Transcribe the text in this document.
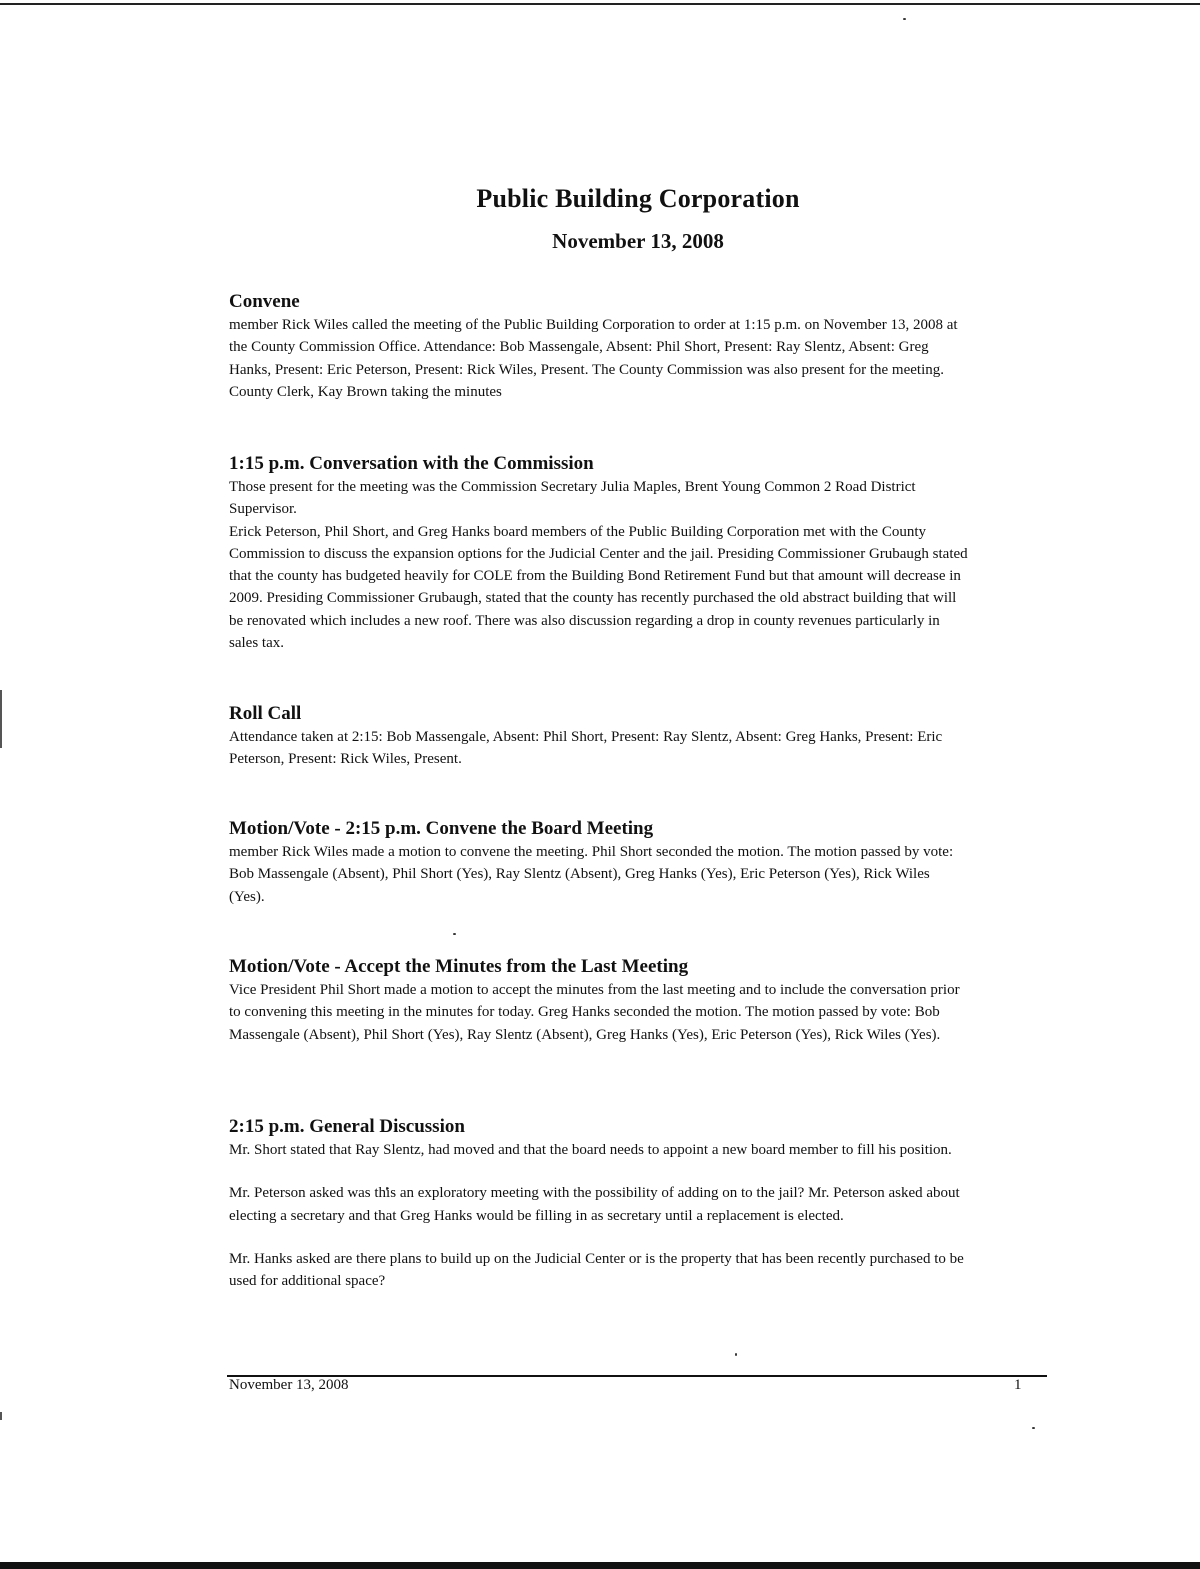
Public Building Corporation
November 13, 2008
Convene

member Rick Wiles called the meeting of the Public Building Corporation to order at 1:15 p.m. on November 13, 2008 at the County Commission Office. Attendance: Bob Massengale, Absent: Phil Short, Present: Ray Slentz, Absent: Greg Hanks, Present: Eric Peterson, Present: Rick Wiles, Present. The County Commission was also present for the meeting. County Clerk, Kay Brown taking the minutes

1:15 p.m. Conversation with the Commission

Those present for the meeting was the Commission Secretary Julia Maples, Brent Young Common 2 Road District Supervisor.

Erick Peterson, Phil Short, and Greg Hanks board members of the Public Building Corporation met with the County Commission to discuss the expansion options for the Judicial Center and the jail. Presiding Commissioner Grubaugh stated that the county has budgeted heavily for COLE from the Building Bond Retirement Fund but that amount will decrease in 2009. Presiding Commissioner Grubaugh, stated that the county has recently purchased the old abstract building that will be renovated which includes a new roof. There was also discussion regarding a drop in county revenues particularly in sales tax.

Roll Call

Attendance taken at 2:15: Bob Massengale, Absent: Phil Short, Present: Ray Slentz, Absent: Greg Hanks, Present: Eric Peterson, Present: Rick Wiles, Present.

Motion/Vote - 2:15 p.m. Convene the Board Meeting

member Rick Wiles made a motion to convene the meeting. Phil Short seconded the motion. The motion passed by vote: Bob Massengale (Absent), Phil Short (Yes), Ray Slentz (Absent), Greg Hanks (Yes), Eric Peterson (Yes), Rick Wiles (Yes).

Motion/Vote - Accept the Minutes from the Last Meeting

Vice President Phil Short made a motion to accept the minutes from the last meeting and to include the conversation prior to convening this meeting in the minutes for today. Greg Hanks seconded the motion. The motion passed by vote: Bob Massengale (Absent), Phil Short (Yes), Ray Slentz (Absent), Greg Hanks (Yes), Eric Peterson (Yes), Rick Wiles (Yes).

2:15 p.m. General Discussion

Mr. Short stated that Ray Slentz, had moved and that the board needs to appoint a new board member to fill his position.

Mr. Peterson asked was this an exploratory meeting with the possibility of adding on to the jail? Mr. Peterson asked about electing a secretary and that Greg Hanks would be filling in as secretary until a replacement is elected.

Mr. Hanks asked are there plans to build up on the Judicial Center or is the property that has been recently purchased to be used for additional space?

November 13, 2008	1
